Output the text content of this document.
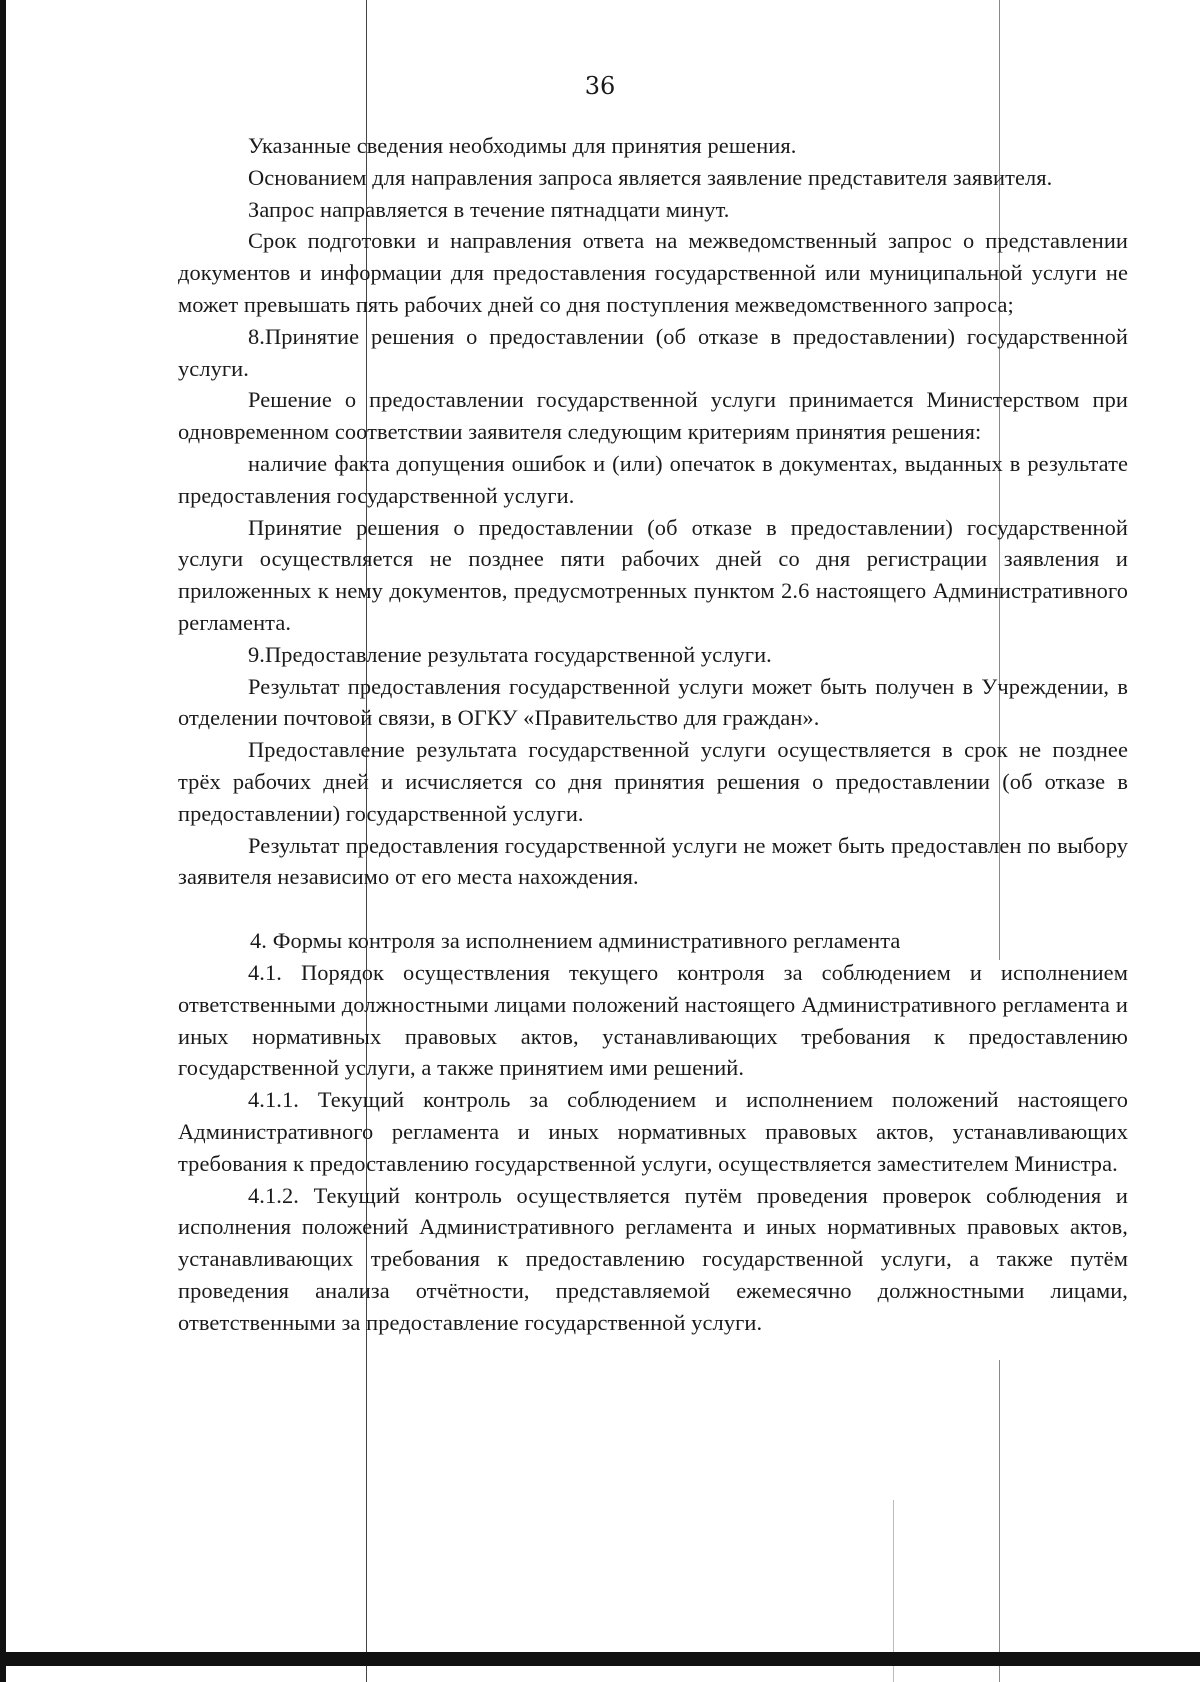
36

Указанные сведения необходимы для принятия решения.

Основанием для направления запроса является заявление представителя заявителя.

Запрос направляется в течение пятнадцати минут.

Срок подготовки и направления ответа на межведомственный запрос о представлении документов и информации для предоставления государственной или муниципальной услуги не может превышать пять рабочих дней со дня поступления межведомственного запроса;

8.Принятие решения о предоставлении (об отказе в предоставлении) государственной услуги.

Решение о предоставлении государственной услуги принимается Министерством при одновременном соответствии заявителя следующим критериям принятия решения:

наличие факта допущения ошибок и (или) опечаток в документах, выданных в результате предоставления государственной услуги.

Принятие решения о предоставлении (об отказе в предоставлении) государственной услуги осуществляется не позднее пяти рабочих дней со дня регистрации заявления и приложенных к нему документов, предусмотренных пунктом 2.6 настоящего Административного регламента.

9.Предоставление результата государственной услуги.

Результат предоставления государственной услуги может быть получен в Учреждении, в отделении почтовой связи, в ОГКУ «Правительство для граждан».

Предоставление результата государственной услуги осуществляется в срок не позднее трёх рабочих дней и исчисляется со дня принятия решения о предоставлении (об отказе в предоставлении) государственной услуги.

Результат предоставления государственной услуги не может быть предоставлен по выбору заявителя независимо от его места нахождения.

4. Формы контроля за исполнением административного регламента

4.1. Порядок осуществления текущего контроля за соблюдением и исполнением ответственными должностными лицами положений настоящего Административного регламента и иных нормативных правовых актов, устанавливающих требования к предоставлению государственной услуги, а также принятием ими решений.

4.1.1. Текущий контроль за соблюдением и исполнением положений настоящего Административного регламента и иных нормативных правовых актов, устанавливающих требования к предоставлению государственной услуги, осуществляется заместителем Министра.

4.1.2. Текущий контроль осуществляется путём проведения проверок соблюдения и исполнения положений Административного регламента и иных нормативных правовых актов, устанавливающих требования к предоставлению государственной услуги, а также путём проведения анализа отчётности, представляемой ежемесячно должностными лицами, ответственными за предоставление государственной услуги.
